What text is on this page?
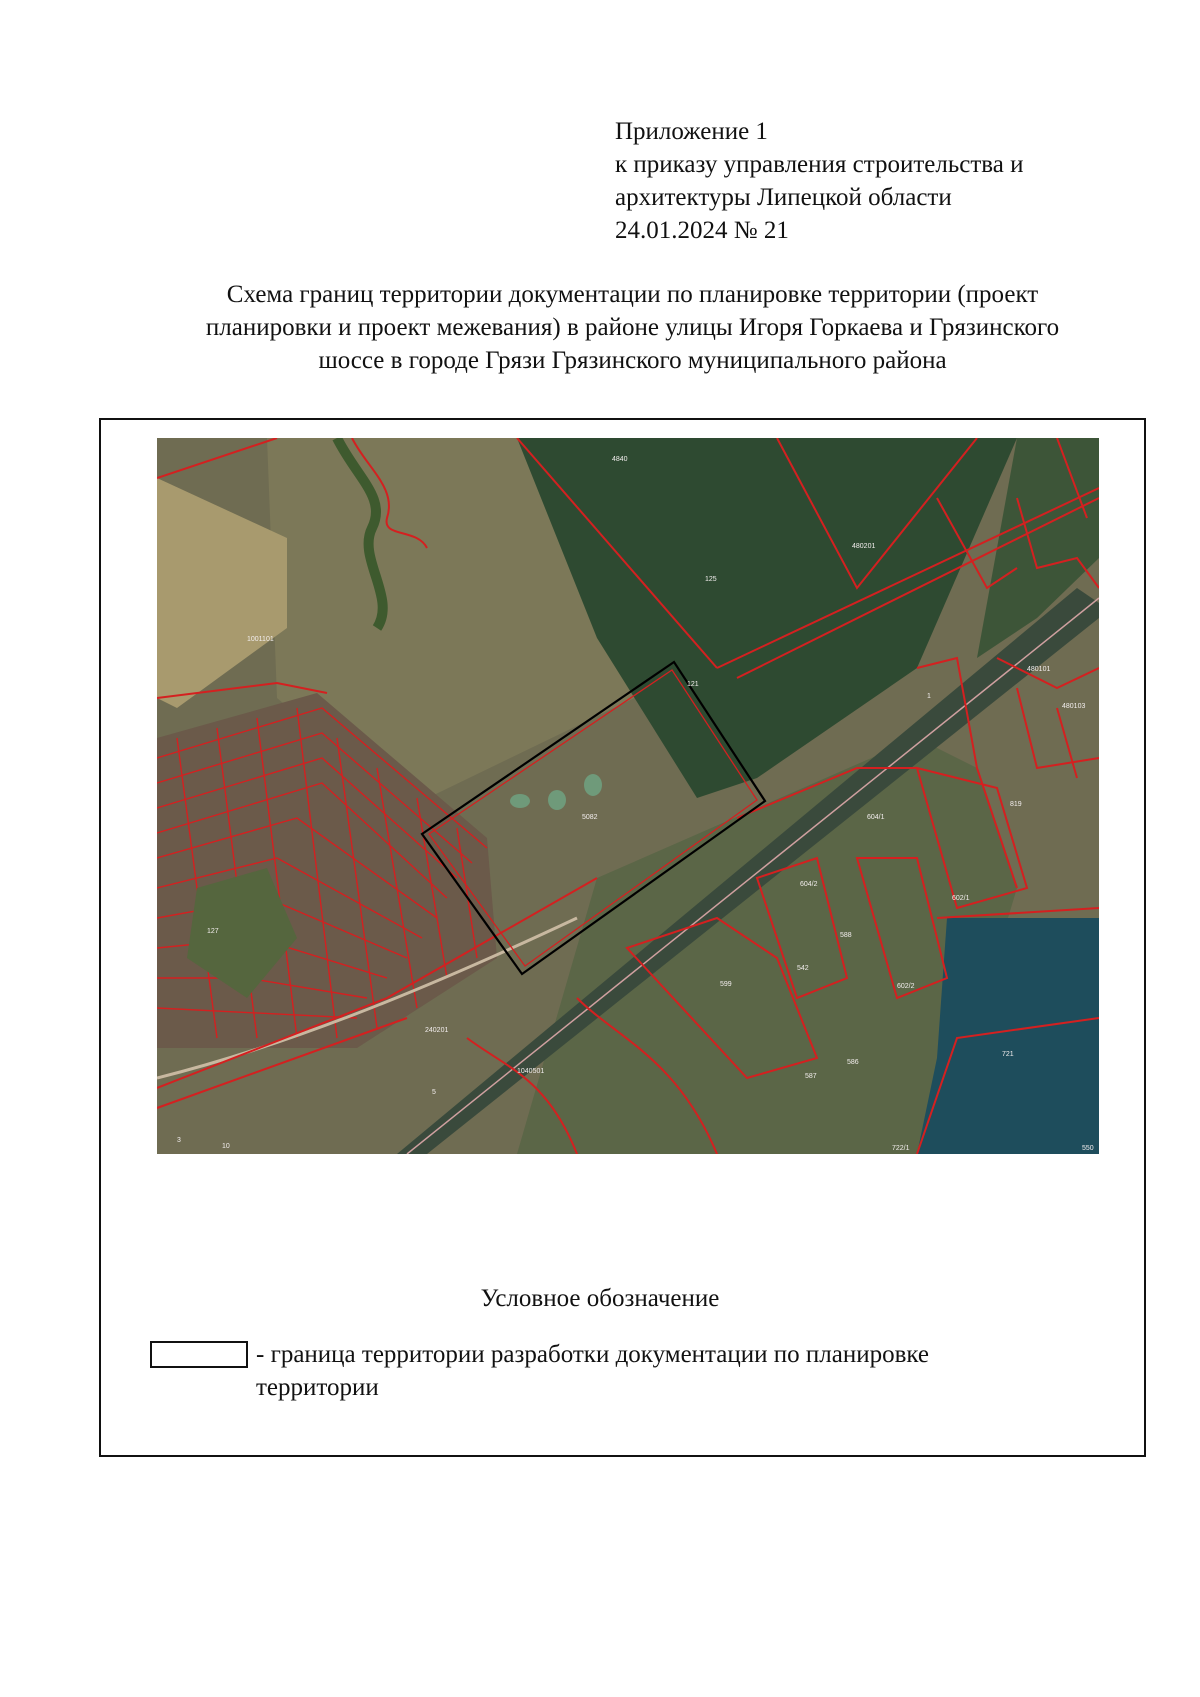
Приложение 1
к приказу управления строительства и
архитектуры Липецкой области
24.01.2024 № 21
Схема границ территории документации по планировке территории (проект
планировки и проект межевания) в районе улицы Игоря Горкаева и Грязинского
шоссе в городе Грязи Грязинского муниципального района
4840
125
1001101
121
5082
1
604/1
604/2
588
602/1
599
542
602/2
721
127
240201
1040501
587
586
819
722/1	550
3
5
10
480201
480101
480103
Условное обозначение
- граница территории разработки документации по планировке
территории
